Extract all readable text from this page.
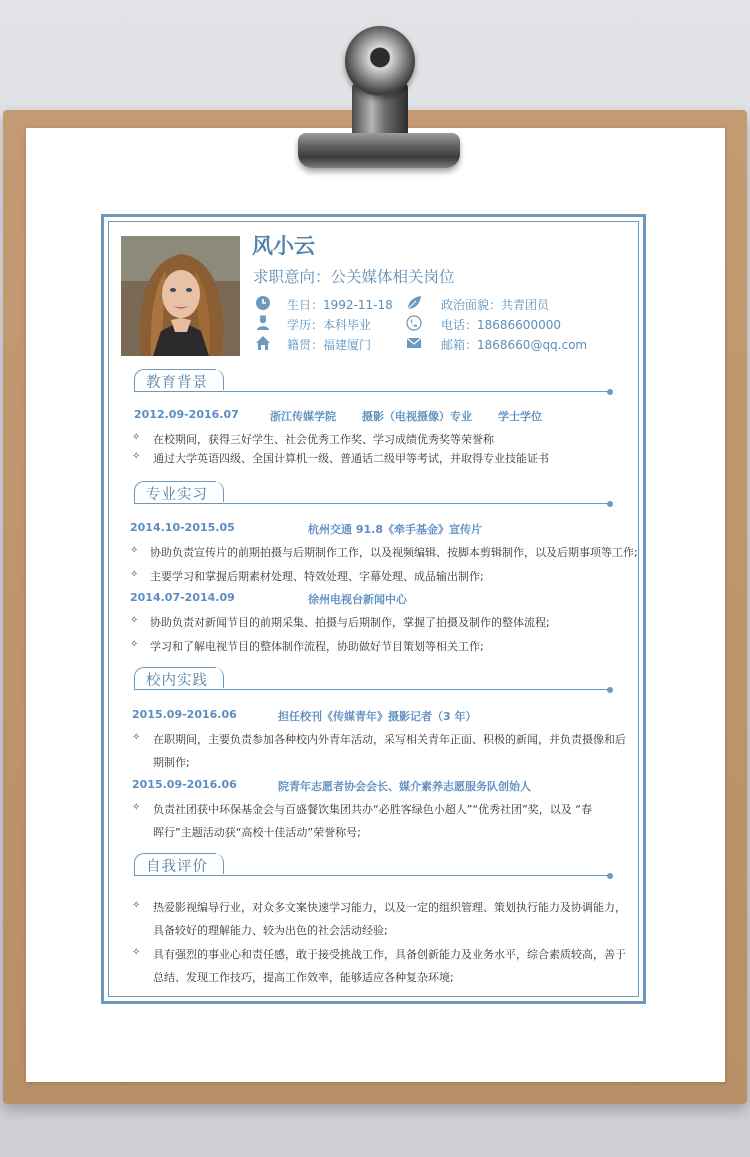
风小云
求职意向：公关媒体相关岗位
生日：1992-11-18
学历：本科毕业
籍贯：福建厦门
政治面貌：共青团员
电话：18686600000
邮箱：1868660@qq.com
教育背景
2012.09-2016.07	浙江传媒学院 摄影（电视摄像）专业 学士学位
✧ 在校期间，获得三好学生、社会优秀工作奖、学习成绩优秀奖等荣誉称
✧ 通过大学英语四级、全国计算机一级、普通话二级甲等考试，并取得专业技能证书
专业实习
2014.10-2015.05	杭州交通 91.8《牵手基金》宣传片
✧ 协助负责宣传片的前期拍摄与后期制作工作，以及视频编辑、按脚本剪辑制作，以及后期事项等工作;
✧ 主要学习和掌握后期素材处理、特效处理、字幕处理、成品输出制作;
2014.07-2014.09	徐州电视台新闻中心
✧ 协助负责对新闻节目的前期采集、拍摄与后期制作，掌握了拍摄及制作的整体流程;
✧ 学习和了解电视节目的整体制作流程，协助做好节目策划等相关工作;
校内实践
2015.09-2016.06	担任校刊《传媒青年》摄影记者（3 年）
✧ 在职期间，主要负责参加各种校内外青年活动，采写相关青年正面、积极的新闻，并负责摄像和后
期制作;
2015.09-2016.06	院青年志愿者协会会长、媒介素养志愿服务队创始人
✧ 负责社团获中环保基金会与百盛餐饮集团共办“必胜客绿色小超人”“优秀社团”奖，以及 “春
晖行”主题活动获“高校十佳活动”荣誉称号;
自我评价
✧ 热爱影视编导行业，对众多文案快速学习能力，以及一定的组织管理、策划执行能力及协调能力，
具备较好的理解能力、较为出色的社会活动经验;
✧ 具有强烈的事业心和责任感，敢于接受挑战工作，具备创新能力及业务水平，综合素质较高，善于
总结、发现工作技巧，提高工作效率，能够适应各种复杂环境;
